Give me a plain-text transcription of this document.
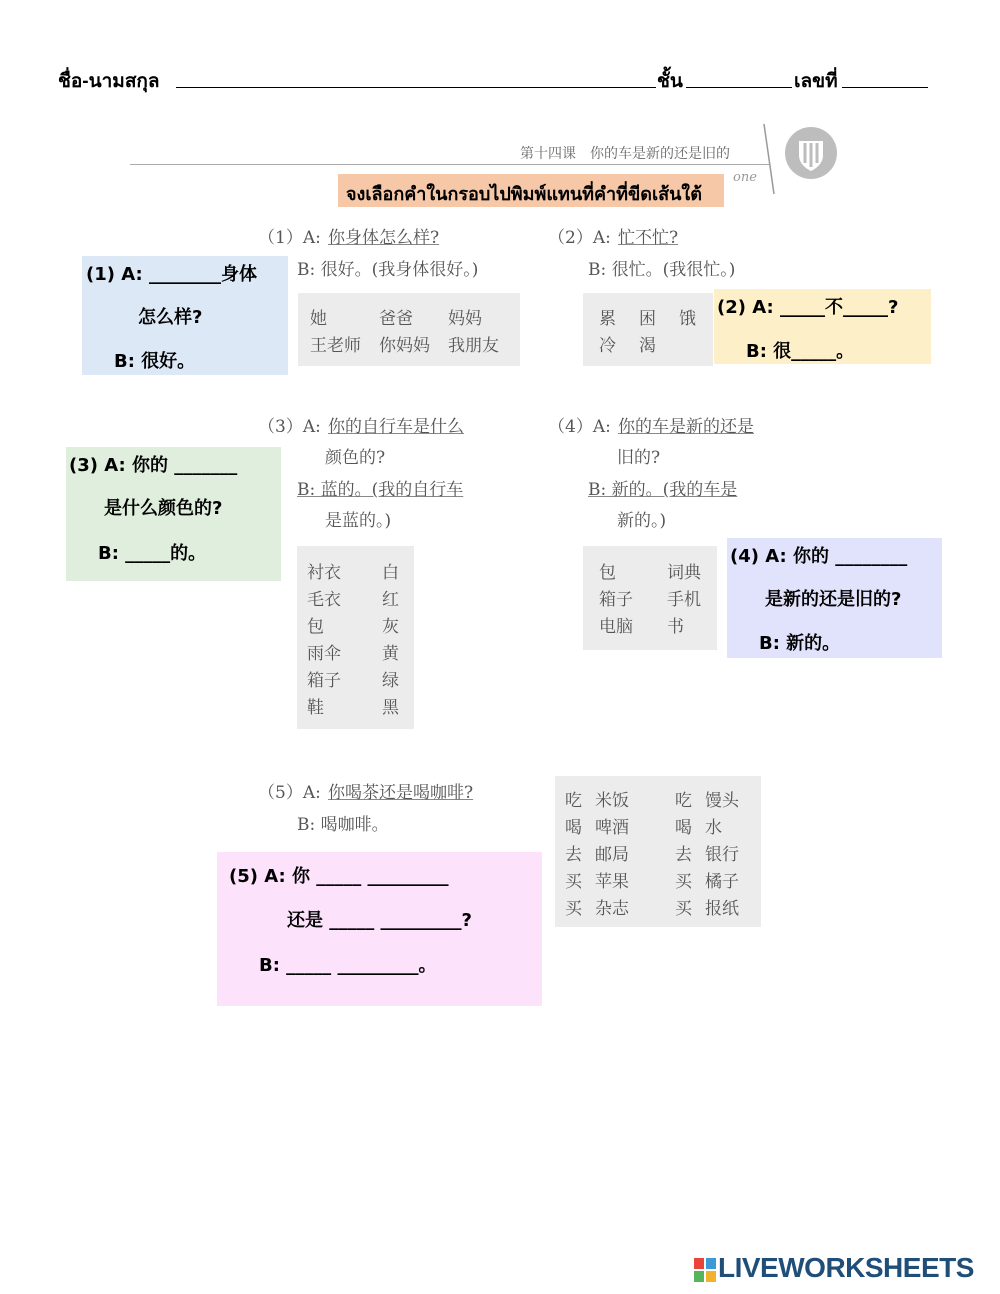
ชื่อ-นามสกุล	ชั้น	เลขที่
第十四课　你的车是新的还是旧的
one
จงเลือกคำในกรอบไปพิมพ์แทนที่คำที่ขีดเส้นใต้
（1）A: 你身体怎么样?
B: 很好。(我身体很好。)
（2）A: 忙不忙?
B: 很忙。(我很忙。)
她	爸爸 妈妈
王老师 你妈妈 我朋友
累 困 饿
冷 渴
(1) A: ________身体
怎么样?
B: 很好。
(2) A: _____不_____?
B: 很_____。
（3）A: 你的自行车是什么
颜色的?
B: 蓝的。(我的自行车
是蓝的。)
（4）A: 你的车是新的还是
旧的?
B: 新的。(我的车是
新的。)
衬衣 白
毛衣 红
包	灰
雨伞 黄
箱子 绿
鞋	黑
包	词典
箱子 手机
电脑 书
(3) A: 你的 _______
是什么颜色的?
B: _____的。	(4) A: 你的 ________
是新的还是旧的?
B: 新的。
（5）A: 你喝茶还是喝咖啡?
B: 喝咖啡。
吃 米饭	吃 馒头
喝 啤酒	喝 水
去 邮局	去 银行
买 苹果	买 橘子
买 杂志	买 报纸
(5) A: 你 _____ _________
还是 _____ _________?
B: _____ _________。
LIVEWORKSHEETS
